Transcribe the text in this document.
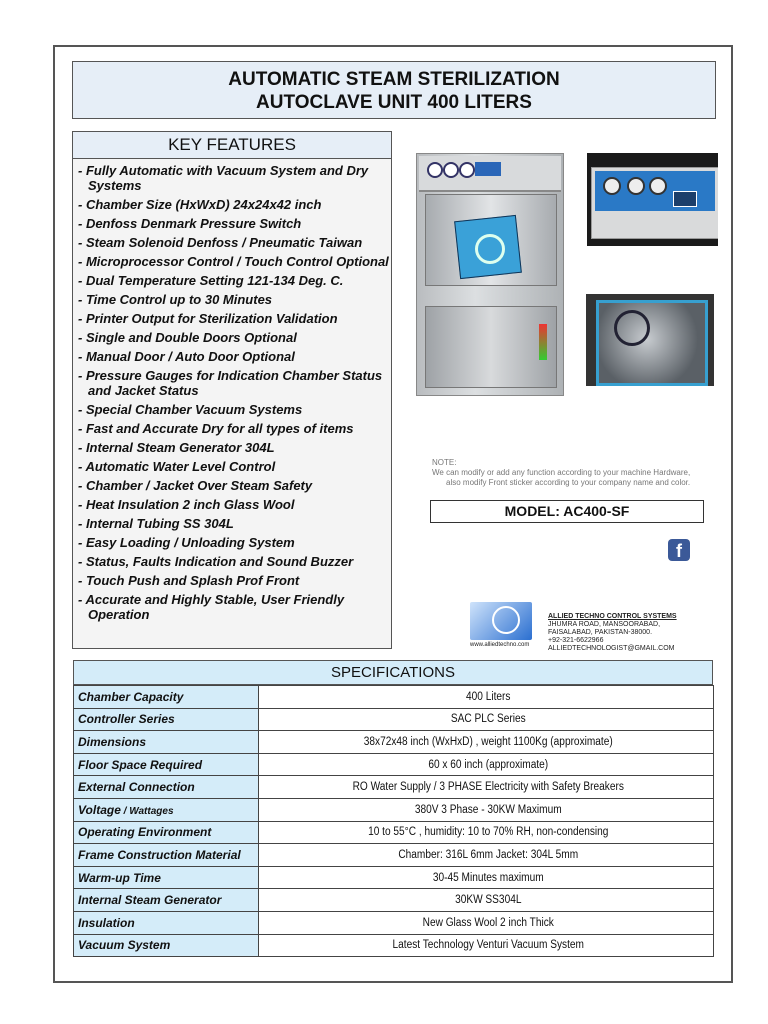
AUTOMATIC STEAM STERILIZATION
AUTOCLAVE UNIT 400 LITERS
KEY FEATURES
- Fully Automatic with Vacuum System and Dry Systems
- Chamber Size (HxWxD) 24x24x42 inch
- Denfoss Denmark Pressure Switch
- Steam Solenoid Denfoss / Pneumatic Taiwan
- Microprocessor Control / Touch Control Optional
- Dual Temperature Setting 121-134 Deg. C.
- Time Control up to 30 Minutes
- Printer Output for Sterilization Validation
- Single and Double Doors Optional
- Manual Door / Auto Door Optional
- Pressure Gauges for Indication Chamber Status and Jacket Status
- Special Chamber Vacuum Systems
- Fast and Accurate Dry for all types of items
- Internal Steam Generator 304L
- Automatic Water Level Control
- Chamber / Jacket Over Steam Safety
- Heat Insulation 2 inch Glass Wool
- Internal Tubing SS 304L
- Easy Loading / Unloading System
- Status, Faults Indication and Sound Buzzer
- Touch Push and Splash Prof Front
- Accurate and Highly Stable, User Friendly Operation
NOTE:
We can modify or add any function according to your machine Hardware,
also modify Front sticker according to your company name and color.
MODEL: AC400-SF
f
www.alliedtechno.com
ALLIED TECHNO CONTROL SYSTEMS
JHUMRA ROAD, MANSOORABAD,
FAISALABAD, PAKISTAN-38000.
+92-321-6622966
ALLIEDTECHNOLOGIST@GMAIL.COM
SPECIFICATIONS
Chamber Capacity	400 Liters
Controller Series	SAC PLC Series
Dimensions	38x72x48 inch (WxHxD) , weight 1100Kg (approximate)
Floor Space Required	60 x 60 inch (approximate)
External Connection	RO Water Supply / 3 PHASE Electricity with Safety Breakers
Voltage / Wattages	380V 3 Phase - 30KW Maximum
Operating Environment	10 to 55°C , humidity: 10 to 70% RH, non-condensing
Frame Construction Material	Chamber: 316L 6mm Jacket: 304L 5mm
Warm-up Time	30-45 Minutes maximum
Internal Steam Generator	30KW SS304L
Insulation	New Glass Wool 2 inch Thick
Vacuum System	Latest Technology Venturi Vacuum System
